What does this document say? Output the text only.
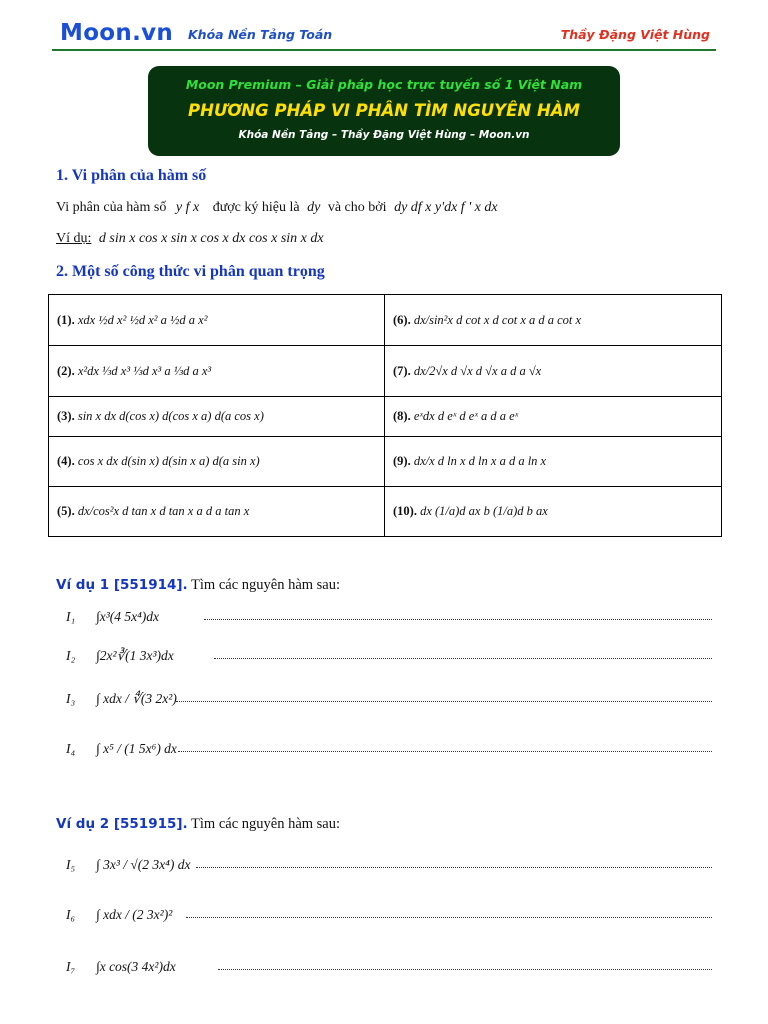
Moon.vn Khóa Nền Tảng Toán	Thầy Đặng Việt Hùng
Moon Premium – Giải pháp học trực tuyến số 1 Việt Nam
PHƯƠNG PHÁP VI PHÂN TÌM NGUYÊN HÀM
Khóa Nền Tảng – Thầy Đặng Việt Hùng – Moon.vn
1. Vi phân của hàm số
Vi phân của hàm số y f x được ký hiệu là dy và cho bởi dy df x y'dx f ' x dx
Ví dụ: d sin x cos x sin x cos x dx cos x sin x dx
2. Một số công thức vi phân quan trọng
(1). xdx ½d x² ½d x² a ½d a x²	(6). dx/sin²x d cot x d cot x a d a cot x
(2). x²dx ⅓d x³ ⅓d x³ a ⅓d a x³	(7). dx/2√x d √x d √x a d a √x
(3). sin x dx d(cos x) d(cos x a) d(a cos x)	(8). eˣdx d eˣ d eˣ a d a eˣ
(4). cos x dx d(sin x) d(sin x a) d(a sin x)	(9). dx/x d ln x d ln x a d a ln x
(5). dx/cos²x d tan x d tan x a d a tan x	(10). dx (1/a)d ax b (1/a)d b ax
Ví dụ 1 [551914]. Tìm các nguyên hàm sau:
I₁ ∫x³(4 5x⁴)dx
I₂ ∫2x²∛(1 3x³)dx
I₃ ∫ xdx / ∜(3 2x²)
I₄ ∫ x⁵ / (1 5x⁶) dx
Ví dụ 2 [551915]. Tìm các nguyên hàm sau:
I₅ ∫ 3x³ / √(2 3x⁴) dx
I₆ ∫ xdx / (2 3x²)²
I₇ ∫x cos(3 4x²)dx
